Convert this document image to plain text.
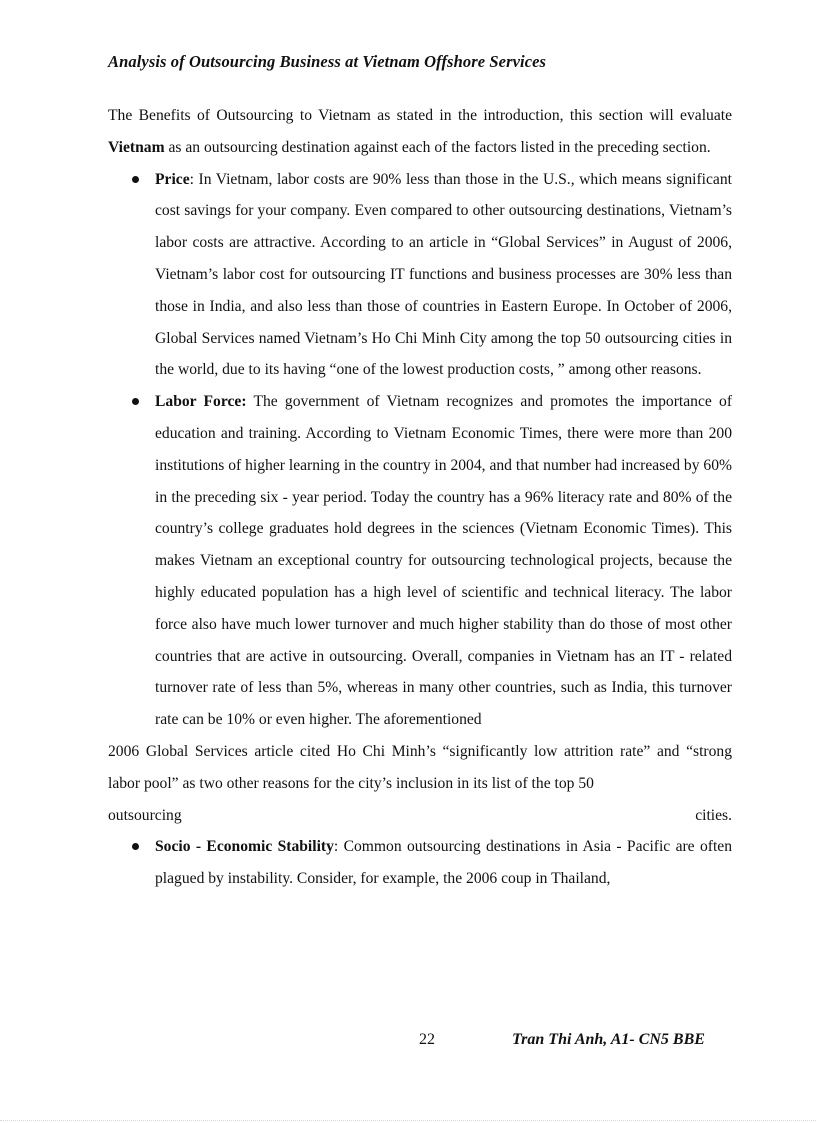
Analysis of Outsourcing Business at Vietnam Offshore Services

The Benefits of Outsourcing to Vietnam as stated in the introduction, this section will evaluate Vietnam as an outsourcing destination against each of the factors listed in the preceding section.

Price: In Vietnam, labor costs are 90% less than those in the U.S., which means significant cost savings for your company. Even compared to other outsourcing destinations, Vietnam’s labor costs are attractive. According to an article in “Global Services” in August of 2006, Vietnam’s labor cost for outsourcing IT functions and business processes are 30% less than those in India, and also less than those of countries in Eastern Europe. In October of 2006, Global Services named Vietnam’s Ho Chi Minh City among the top 50 outsourcing cities in the world, due to its having “one of the lowest production costs, ” among other reasons.
Labor Force: The government of Vietnam recognizes and promotes the importance of education and training. According to Vietnam Economic Times, there were more than 200 institutions of higher learning in the country in 2004, and that number had increased by 60% in the preceding six - year period. Today the country has a 96% literacy rate and 80% of the country’s college graduates hold degrees in the sciences (Vietnam Economic Times). This makes Vietnam an exceptional country for outsourcing technological projects, because the highly educated population has a high level of scientific and technical literacy. The labor force also have much lower turnover and much higher stability than do those of most other countries that are active in outsourcing. Overall, companies in Vietnam has an IT - related turnover rate of less than 5%, whereas in many other countries, such as India, this turnover rate can be 10% or even higher. The aforementioned
2006 Global Services article cited Ho Chi Minh’s “significantly low attrition rate” and “strong labor pool” as two other reasons for the city’s inclusion in its list of the top 50
outsourcing	cities.
Socio - Economic Stability: Common outsourcing destinations in Asia - Pacific are often plagued by instability. Consider, for example, the 2006 coup in Thailand,
22	Tran Thi Anh, A1- CN5 BBE
